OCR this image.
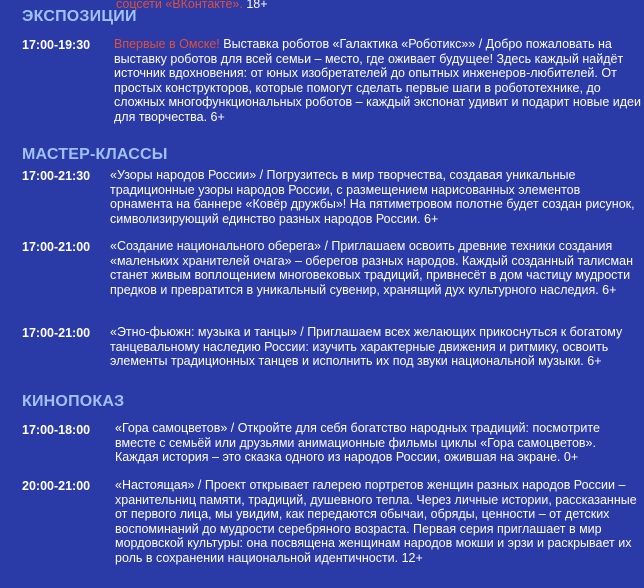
соцсети «ВКонтакте». 18+
ЭКСПОЗИЦИИ
17:00-19:30 Впервые в Омске! Выставка роботов «Галактика «Роботикс»» / Добро пожаловать на выставку роботов для всей семьи – место, где оживает будущее! Здесь каждый найдёт источник вдохновения: от юных изобретателей до опытных инженеров-любителей. От простых конструкторов, которые помогут сделать первые шаги в робототехнике, до сложных многофункциональных роботов – каждый экспонат удивит и подарит новые идеи для творчества. 6+
МАСТЕР-КЛАССЫ
17:00-21:30 «Узоры народов России» / Погрузитесь в мир творчества, создавая уникальные традиционные узоры народов России, с размещением нарисованных элементов орнамента на баннере «Ковёр дружбы»! На пятиметровом полотне будет создан рисунок, символизирующий единство разных народов России. 6+
17:00-21:00 «Создание национального оберега» / Приглашаем освоить древние техники создания «маленьких хранителей очага» – оберегов разных народов. Каждый созданный талисман станет живым воплощением многовековых традиций, привнесёт в дом частицу мудрости предков и превратится в уникальный сувенир, хранящий дух культурного наследия. 6+
17:00-21:00 «Этно-фьюжн: музыка и танцы» / Приглашаем всех желающих прикоснуться к богатому танцевальному наследию России: изучить характерные движения и ритмику, освоить элементы традиционных танцев и исполнить их под звуки национальной музыки. 6+
КИНОПОКАЗ
17:00-18:00 «Гора самоцветов» / Откройте для себя богатство народных традиций: посмотрите вместе с семьёй или друзьями анимационные фильмы циклы «Гора самоцветов». Каждая история – это сказка одного из народов России, ожившая на экране. 0+
20:00-21:00 «Настоящая» / Проект открывает галерею портретов женщин разных народов России – хранительниц памяти, традиций, душевного тепла. Через личные истории, рассказанные от первого лица, мы увидим, как передаются обычаи, обряды, ценности – от детских воспоминаний до мудрости серебряного возраста. Первая серия приглашает в мир мордовской культуры: она посвящена женщинам народов мокши и эрзи и раскрывает их роль в сохранении национальной идентичности. 12+
